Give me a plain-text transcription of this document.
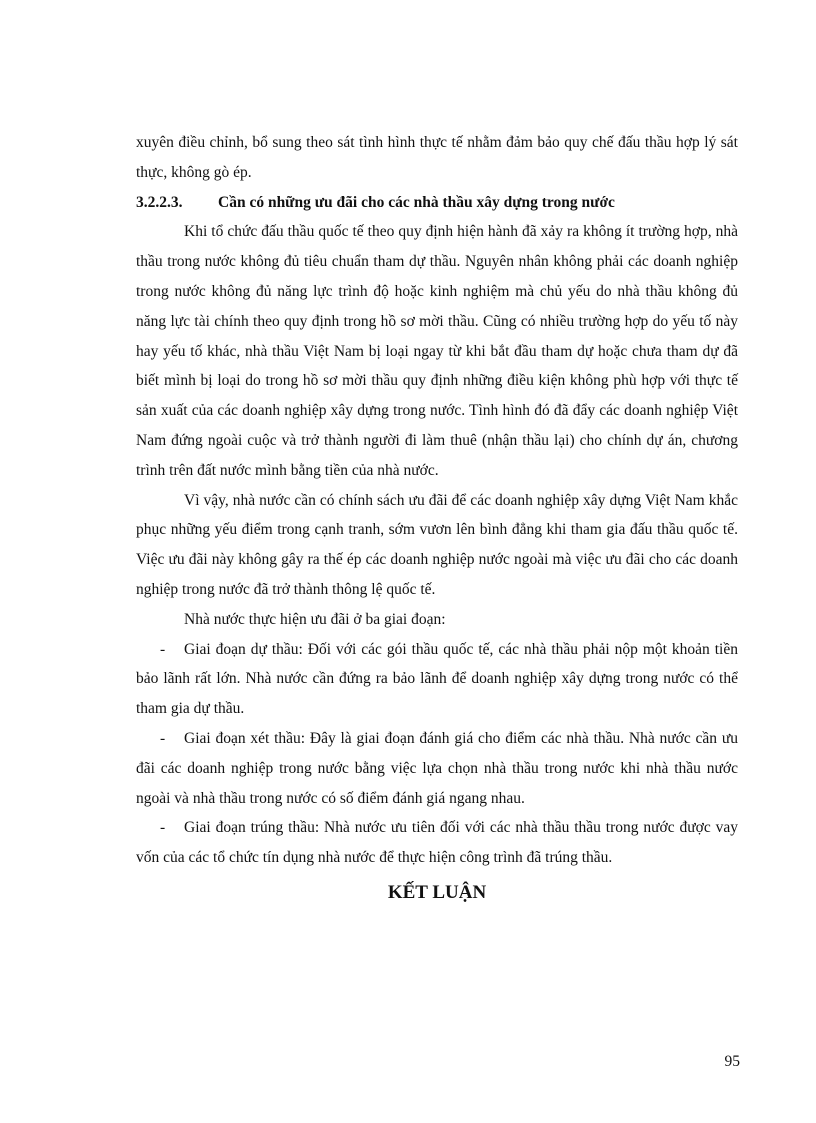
xuyên điều chỉnh, bổ sung theo sát tình hình thực tế nhằm đảm bảo quy chế đấu thầu hợp lý sát thực, không gò ép.

3.2.2.3.	Cần có những ưu đãi cho các nhà thầu xây dựng trong nước

Khi tổ chức đấu thầu quốc tế theo quy định hiện hành đã xảy ra không ít trường hợp, nhà thầu trong nước không đủ tiêu chuẩn tham dự thầu. Nguyên nhân không phải các doanh nghiệp trong nước không đủ năng lực trình độ hoặc kinh nghiệm mà chủ yếu do nhà thầu không đủ năng lực tài chính theo quy định trong hồ sơ mời thầu. Cũng có nhiều trường hợp do yếu tố này hay yếu tố khác, nhà thầu Việt Nam bị loại ngay từ khi bắt đầu tham dự hoặc chưa tham dự đã biết mình bị loại do trong hồ sơ mời thầu quy định những điều kiện không phù hợp với thực tế sản xuất của các doanh nghiệp xây dựng trong nước. Tình hình đó đã đẩy các doanh nghiệp Việt Nam đứng ngoài cuộc và trở thành người đi làm thuê (nhận thầu lại) cho chính dự án, chương trình trên đất nước mình bằng tiền của nhà nước.

Vì vậy, nhà nước cần có chính sách ưu đãi để các doanh nghiệp xây dựng Việt Nam khắc phục những yếu điểm trong cạnh tranh, sớm vươn lên bình đẳng khi tham gia đấu thầu quốc tế. Việc ưu đãi này không gây ra thế ép các doanh nghiệp nước ngoài mà việc ưu đãi cho các doanh nghiệp trong nước đã trở thành thông lệ quốc tế.

Nhà nước thực hiện ưu đãi ở ba giai đoạn:

- Giai đoạn dự thầu: Đối với các gói thầu quốc tế, các nhà thầu phải nộp một khoản tiền bảo lãnh rất lớn. Nhà nước cần đứng ra bảo lãnh để doanh nghiệp xây dựng trong nước có thể tham gia dự thầu.

- Giai đoạn xét thầu: Đây là giai đoạn đánh giá cho điểm các nhà thầu. Nhà nước cần ưu đãi các doanh nghiệp trong nước bằng việc lựa chọn nhà thầu trong nước khi nhà thầu nước ngoài và nhà thầu trong nước có số điểm đánh giá ngang nhau.

- Giai đoạn trúng thầu: Nhà nước ưu tiên đối với các nhà thầu thầu trong nước được vay vốn của các tổ chức tín dụng nhà nước để thực hiện công trình đã trúng thầu.

KẾT LUẬN
95
